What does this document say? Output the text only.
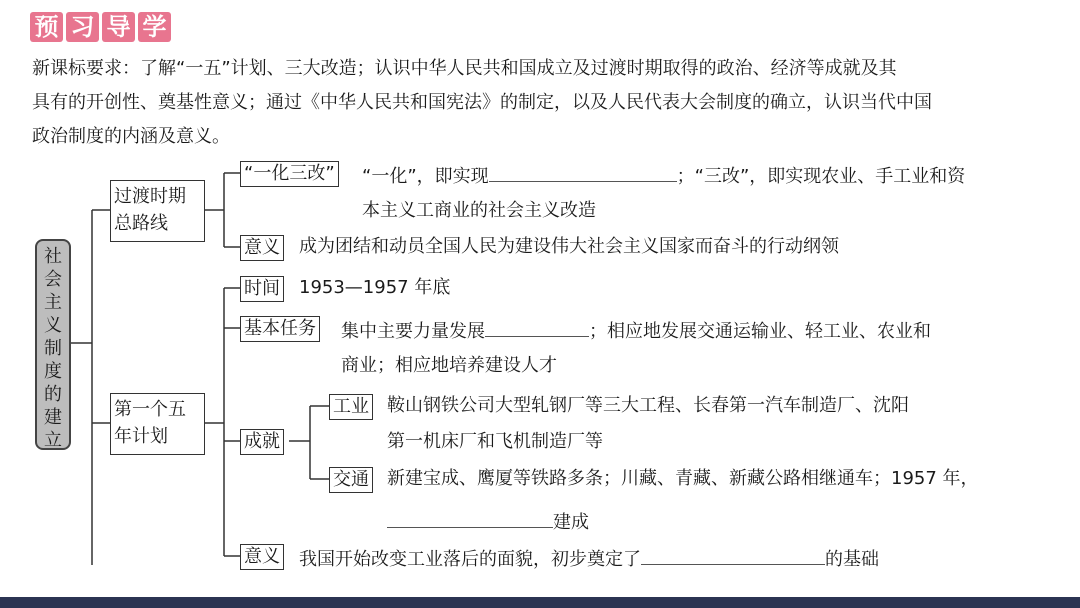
预 习 导 学
新课标要求：了解“一五”计划、三大改造；认识中华人民共和国成立及过渡时期取得的政治、经济等成就及其
具有的开创性、奠基性意义；通过《中华人民共和国宪法》的制定，以及人民代表大会制度的确立，认识当代中国
政治制度的内涵及意义。
社会主义制度的建立
过渡时期
总路线
“一化三改” “一化”，即实现	；“三改”，即实现农业、手工业和资
本主义工商业的社会主义改造
意义 成为团结和动员全国人民为建设伟大社会主义国家而奋斗的行动纲领
第一个五
年计划
时间 1953—1957 年底
基本任务 集中主要力量发展	；相应地发展交通运输业、轻工业、农业和
商业；相应地培养建设人才
成就
工业 鞍山钢铁公司大型轧钢厂等三大工程、长春第一汽车制造厂、沈阳
第一机床厂和飞机制造厂等
交通 新建宝成、鹰厦等铁路多条；川藏、青藏、新藏公路相继通车；1957 年，
建成
意义 我国开始改变工业落后的面貌，初步奠定了	的基础
